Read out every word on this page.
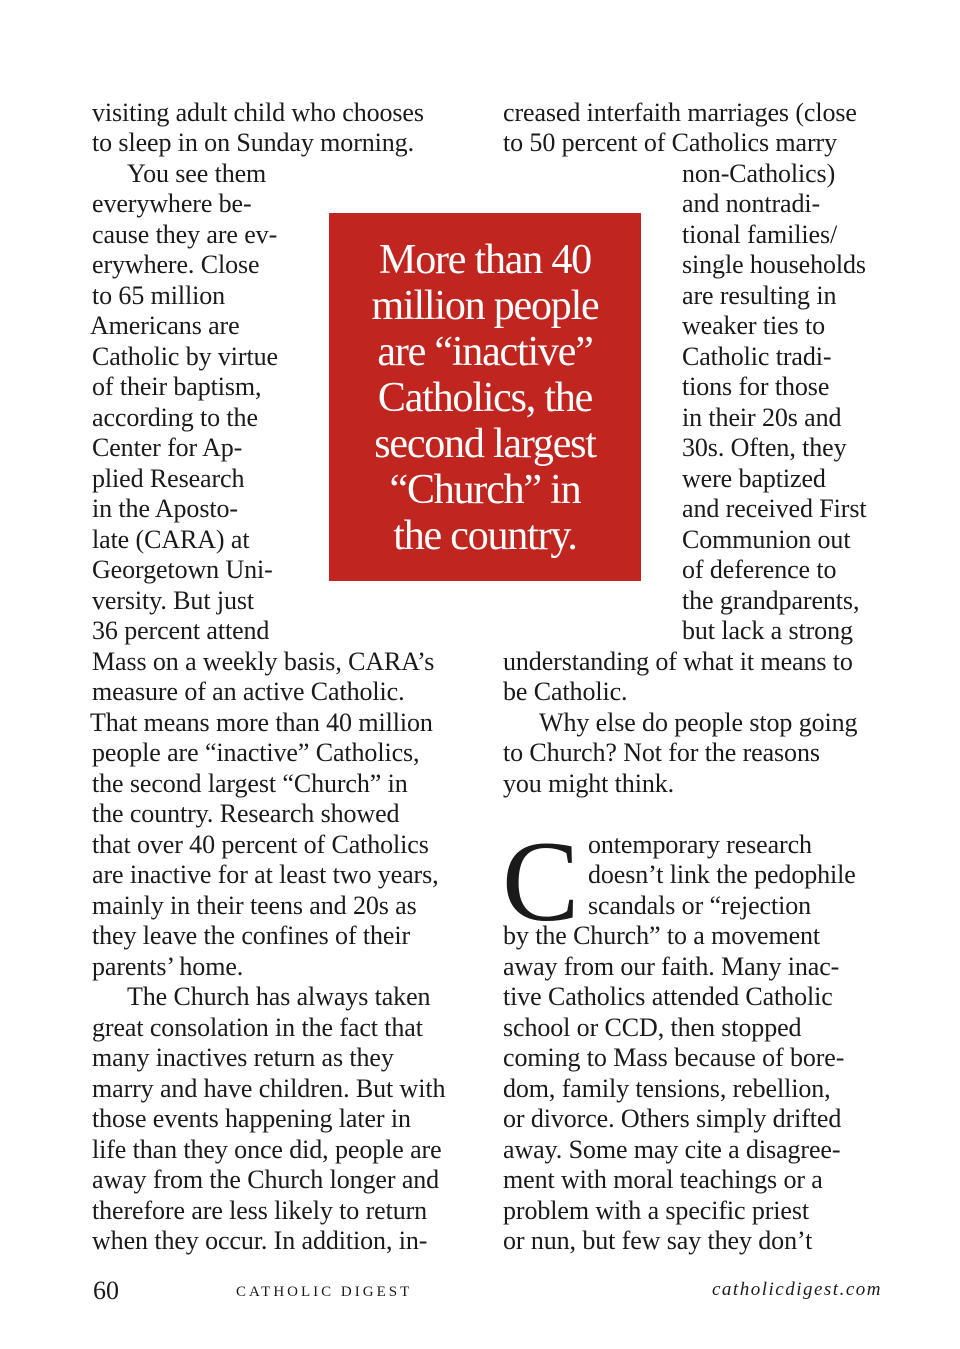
visiting adult child who chooses
to sleep in on Sunday morning.
You see them
everywhere be-
cause they are ev-
erywhere. Close
to 65 million
Americans are
Catholic by virtue
of their baptism,
according to the
Center for Ap-
plied Research
in the Aposto-
late (CARA) at
Georgetown Uni-
versity. But just
36 percent attend
Mass on a weekly basis, CARA’s
measure of an active Catholic.
That means more than 40 million
people are “inactive” Catholics,
the second largest “Church” in
the country. Research showed
that over 40 percent of Catholics
are inactive for at least two years,
mainly in their teens and 20s as
they leave the confines of their
parents’ home.
The Church has always taken
great consolation in the fact that
many inactives return as they
marry and have children. But with
those events happening later in
life than they once did, people are
away from the Church longer and
therefore are less likely to return
when they occur. In addition, in-
creased interfaith marriages (close
to 50 percent of Catholics marry
non-Catholics)
and nontradi-
tional families/
single households
are resulting in
weaker ties to
Catholic tradi-
tions for those
in their 20s and
30s. Often, they
were baptized
and received First
Communion out
of deference to
the grandparents,
but lack a strong
understanding of what it means to
be Catholic.
Why else do people stop going
to Church? Not for the reasons
you might think.
ontemporary research
doesn’t link the pedophile
scandals or “rejection
by the Church” to a movement
away from our faith. Many inac-
tive Catholics attended Catholic
school or CCD, then stopped
coming to Mass because of bore-
dom, family tensions, rebellion,
or divorce. Others simply drifted
away. Some may cite a disagree-
ment with moral teachings or a
problem with a specific priest
or nun, but few say they don’t
More than 40
million people
are “inactive”
Catholics, the
second largest
“Church” in
the country.
C
60	CATHOLIC DIGEST	catholicdigest.com
